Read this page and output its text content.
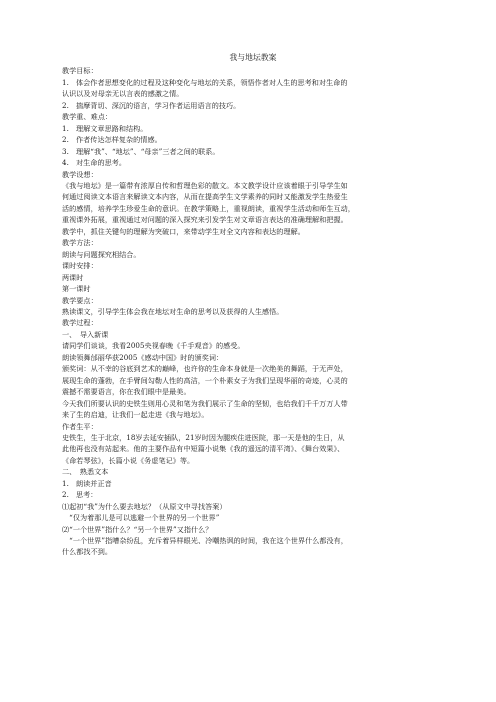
我与地坛教案
教学目标：
1.　体会作者思想变化的过程及这种变化与地坛的关系，领悟作者对人生的思考和对生命的
认识以及对母亲无以言表的感激之情。
2.　揣摩背切、深沉的语言，学习作者运用语言的技巧。
教学重、难点：
1.　理解文章思路和结构。
2.　作者传达怎样复杂的情感。
3.　理解“我”、“地坛”、“母亲”三者之间的联系。
4.　对生命的思考。
教学设想：
《我与地坛》是一篇带有浓厚自传和哲理色彩的散文。本文教学设计应该着眼于引导学生如
何通过阅读文本语言来解读文本内容，从而在提高学生文学素养的同时又能激发学生热爱生
活的感情，培养学生珍爱生命的意识。在教学策略上，重视朗读，重视学生活动和师生互动，
重视课外拓展，重视通过对问题的深入探究来引发学生对文章语言表达的准确理解和把握。
教学中，抓住关键句的理解为突破口，来带动学生对全文内容和表达的理解。
教学方法：
朗读与问题探究相结合。
课时安排：
两课时
第一课时
教学要点：
熟读课文，引导学生体会我在地坛对生命的思考以及获得的人生感悟。
教学过程：
一、　导入新课
请同学们谈谈，我看2005央视春晚《千手观音》的感受。
朗读领舞邰丽华获2005《感动中国》时的颁奖词：
颁奖词：从不幸的谷底到艺术的巅峰，也许你的生命本身就是一次绝美的舞蹈，于无声处，
展现生命的蓬勃，在手臂间勾勒人性的高洁，一个朴素女子为我们呈现华丽的奇迹，心灵的
震撼不需要语言，你在我们眼中是最美。
今天我们所要认识的史铁生则用心灵和笔为我们展示了生命的坚韧，也给我们千千万万人带
来了生的启迪，让我们一起走进《我与地坛》。
作者生平：
史铁生，生于北京，18岁去延安插队，21岁时因为腿疾住进医院，那一天是他的生日，从
此他再也没有站起来。他的主要作品有中短篇小说集《我的遥远的清平湾》、《舞台效果》、
《命若琴弦》，长篇小说《务虚笔记》等。
二、　熟悉文本
1.　朗读并正音
2.　思考：
⑴起初“我”为什么要去地坛？（从原文中寻找答案）
　“仅为着那儿是可以逃避一个世界的另一个世界”
⑵“一个世界”指什么？“另一个世界”又指什么？
　“一个世界”指嘈杂纷乱，充斥着异样眼光、冷嘲热讽的时间，我在这个世界什么都没有，
什么都找不到。
